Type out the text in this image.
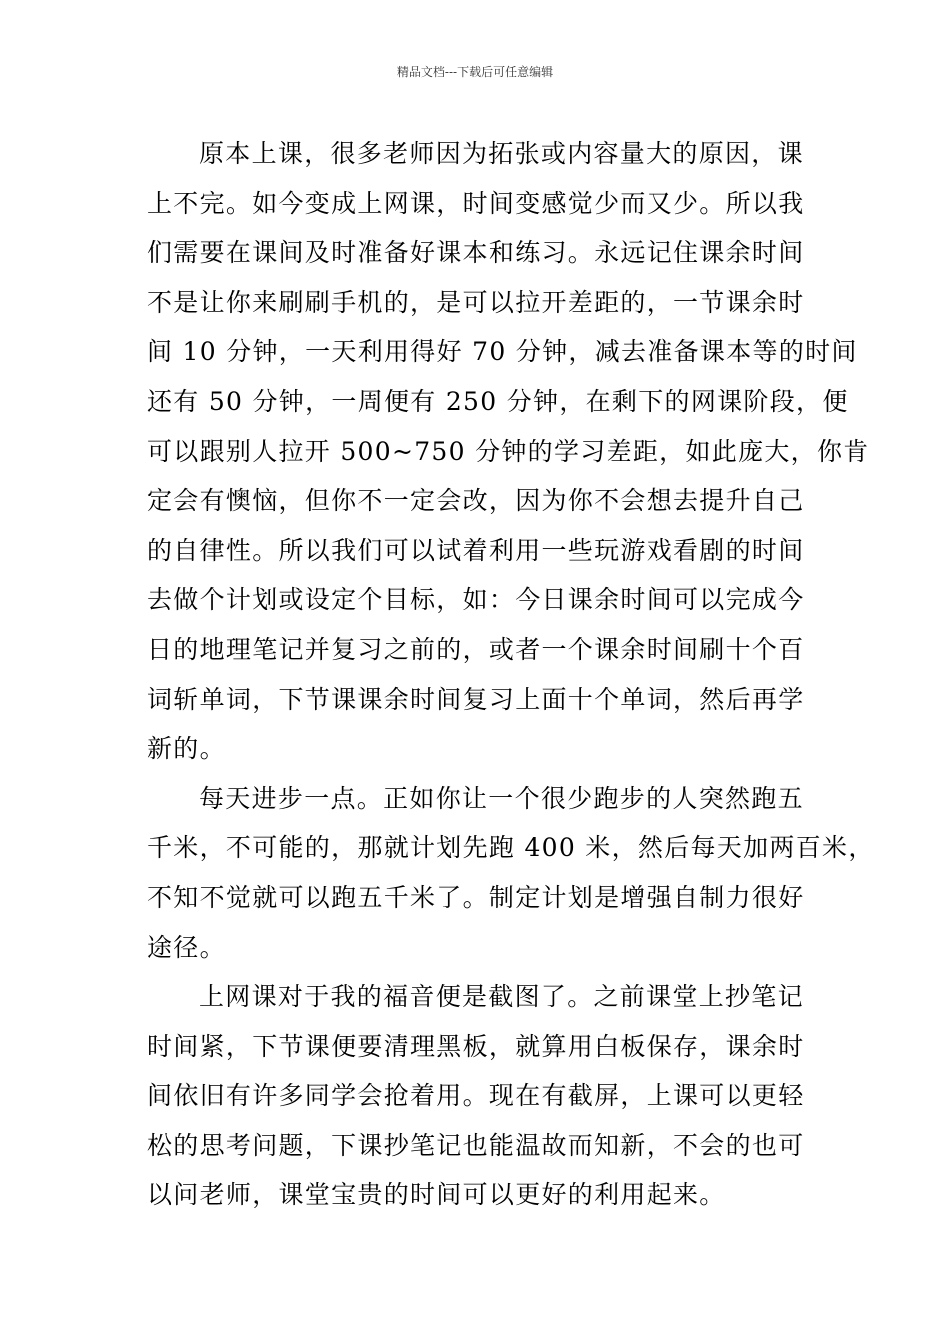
精品文档---下载后可任意编辑
原本上课，很多老师因为拓张或内容量大的原因，课
上不完。如今变成上网课，时间变感觉少而又少。所以我
们需要在课间及时准备好课本和练习。永远记住课余时间
不是让你来刷刷手机的，是可以拉开差距的，一节课余时
间 10 分钟，一天利用得好 70 分钟，减去准备课本等的时间
还有 50 分钟，一周便有 250 分钟，在剩下的网课阶段，便
可以跟别人拉开 500~750 分钟的学习差距，如此庞大，你肯
定会有懊恼，但你不一定会改，因为你不会想去提升自己
的自律性。所以我们可以试着利用一些玩游戏看剧的时间
去做个计划或设定个目标，如：今日课余时间可以完成今
日的地理笔记并复习之前的，或者一个课余时间刷十个百
词斩单词，下节课课余时间复习上面十个单词，然后再学
新的。
每天进步一点。正如你让一个很少跑步的人突然跑五
千米，不可能的，那就计划先跑 400 米，然后每天加两百米，
不知不觉就可以跑五千米了。制定计划是增强自制力很好
途径。
上网课对于我的福音便是截图了。之前课堂上抄笔记
时间紧，下节课便要清理黑板，就算用白板保存，课余时
间依旧有许多同学会抢着用。现在有截屏，上课可以更轻
松的思考问题，下课抄笔记也能温故而知新，不会的也可
以问老师，课堂宝贵的时间可以更好的利用起来。
